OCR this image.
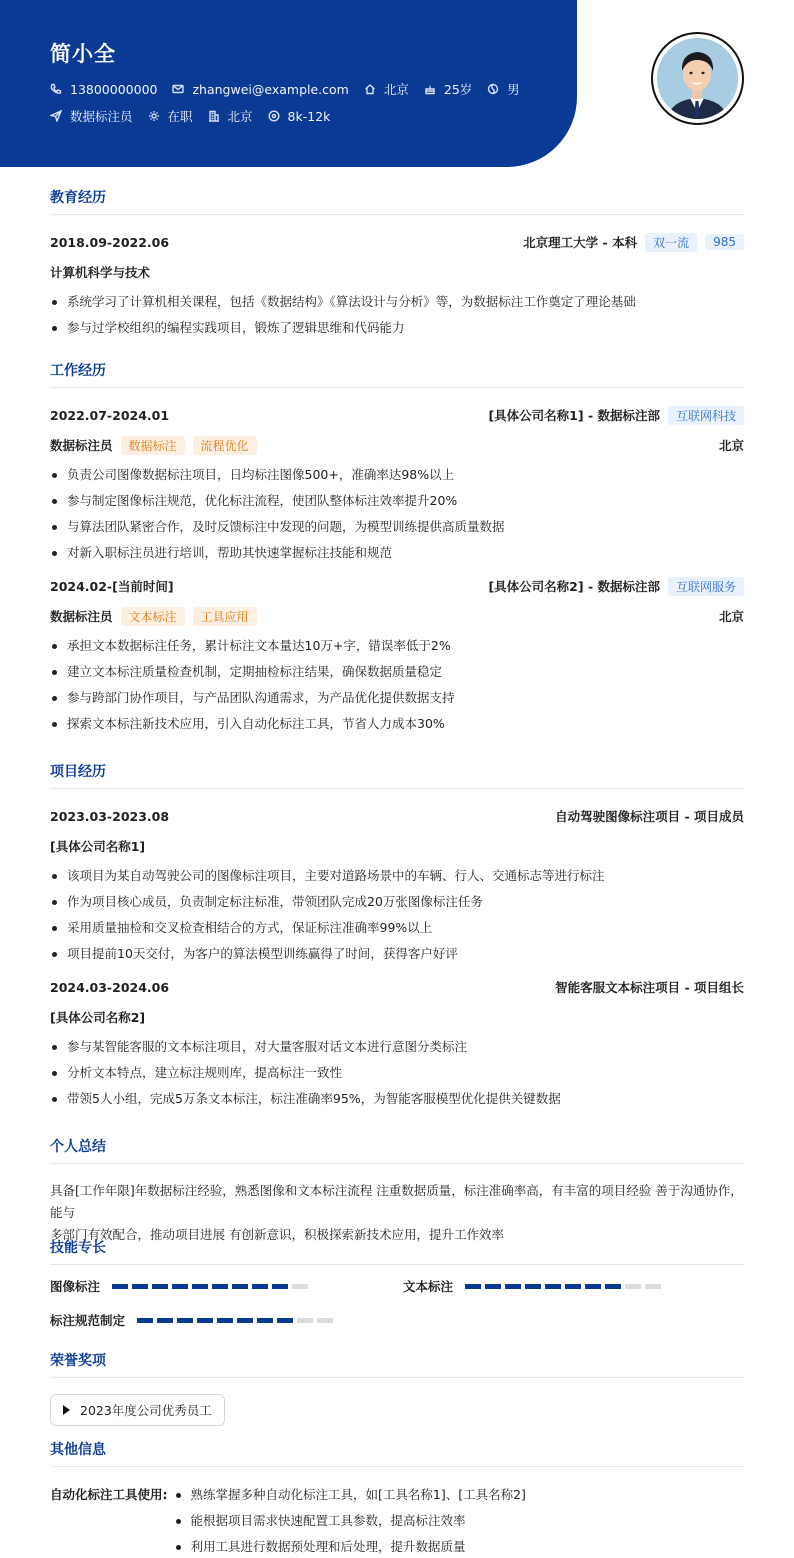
简小全
13800000000	zhangwei@example.com	北京	25岁	男
数据标注员	在职	北京	8k-12k
教育经历
2018.09-2022.06	北京理工大学 - 本科	双一流	985
计算机科学与技术
系统学习了计算机相关课程，包括《数据结构》《算法设计与分析》等，为数据标注工作奠定了理论基础
参与过学校组织的编程实践项目，锻炼了逻辑思维和代码能力
工作经历
2022.07-2024.01	[具体公司名称1] - 数据标注部	互联网科技
数据标注员	数据标注	流程优化	北京
负责公司图像数据标注项目，日均标注图像500+，准确率达98%以上
参与制定图像标注规范，优化标注流程，使团队整体标注效率提升20%
与算法团队紧密合作，及时反馈标注中发现的问题，为模型训练提供高质量数据
对新入职标注员进行培训，帮助其快速掌握标注技能和规范
2024.02-[当前时间]	[具体公司名称2] - 数据标注部	互联网服务
数据标注员	文本标注	工具应用	北京
承担文本数据标注任务，累计标注文本量达10万+字，错误率低于2%
建立文本标注质量检查机制，定期抽检标注结果，确保数据质量稳定
参与跨部门协作项目，与产品团队沟通需求，为产品优化提供数据支持
探索文本标注新技术应用，引入自动化标注工具，节省人力成本30%
项目经历
2023.03-2023.08	自动驾驶图像标注项目 - 项目成员
[具体公司名称1]
该项目为某自动驾驶公司的图像标注项目，主要对道路场景中的车辆、行人、交通标志等进行标注
作为项目核心成员，负责制定标注标准，带领团队完成20万张图像标注任务
采用质量抽检和交叉检查相结合的方式，保证标注准确率99%以上
项目提前10天交付，为客户的算法模型训练赢得了时间，获得客户好评
2024.03-2024.06	智能客服文本标注项目 - 项目组长
[具体公司名称2]
参与某智能客服的文本标注项目，对大量客服对话文本进行意图分类标注
分析文本特点，建立标注规则库，提高标注一致性
带领5人小组，完成5万条文本标注，标注准确率95%，为智能客服模型优化提供关键数据
个人总结
具备[工作年限]年数据标注经验，熟悉图像和文本标注流程 注重数据质量，标注准确率高，有丰富的项目经验 善于沟通协作，能与
多部门有效配合，推动项目进展 有创新意识，积极探索新技术应用，提升工作效率
技能专长
图像标注	文本标注
标注规范制定
荣誉奖项
2023年度公司优秀员工
其他信息
自动化标注工具使用:	熟练掌握多种自动化标注工具，如[工具名称1]、[工具名称2]
能根据项目需求快速配置工具参数，提高标注效率
利用工具进行数据预处理和后处理，提升数据质量
